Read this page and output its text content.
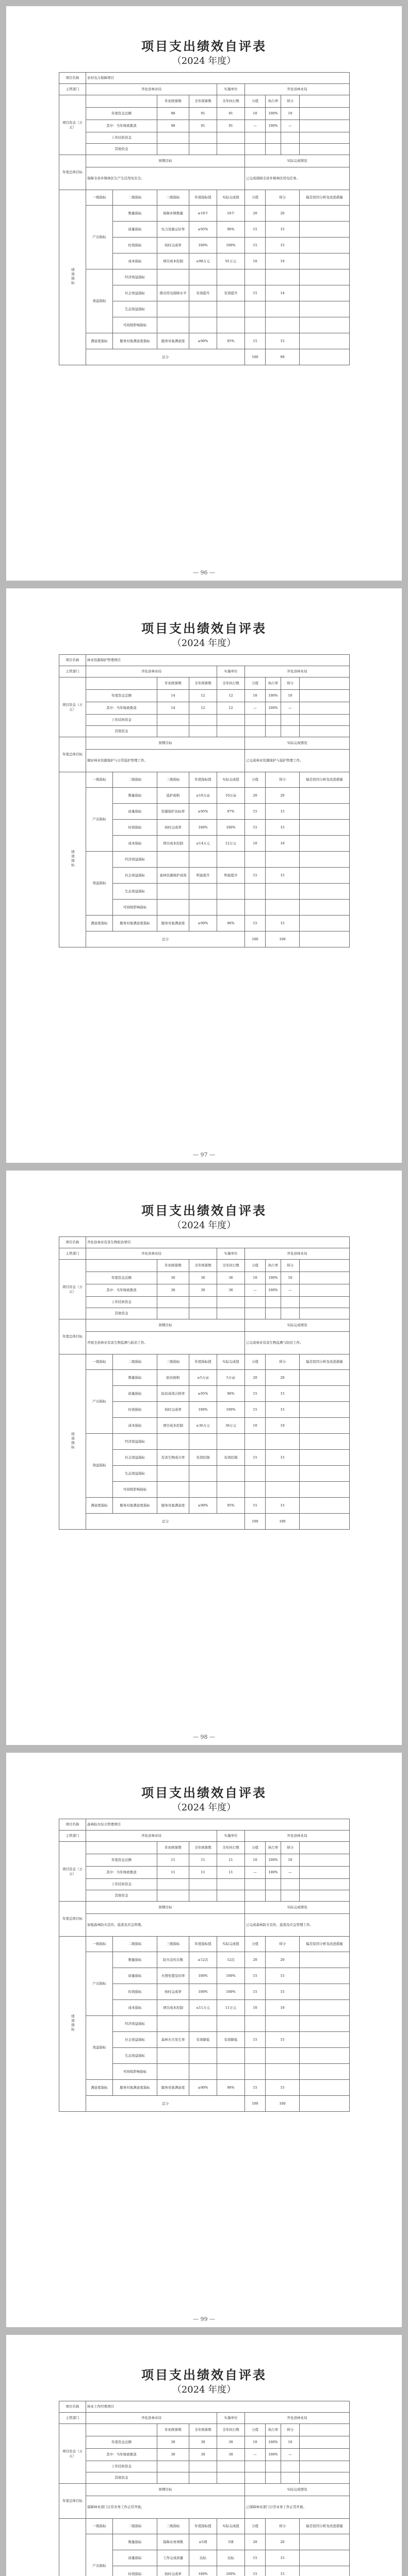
项目支出绩效自评表
（2024 年度）
项目名称	农村电力保障项目								
主管部门	开化县林业局				实施单位	开化县林业局			
项目资金（万元）			年初预算数	全年预算数	全年执行数	分值	执行率	得分	
	年度资金总额		98	91	91	10	100%	10	
	其中：当年财政拨款		98	91	91	—	100%	—	
	上年结转资金								
	其他资金								
年度总体目标	预期目标					实际完成情况			
	保障全县乡镇林区生产生活用电安全。					已完成保障全县乡镇林区用电任务。			
绩效指标	一级指标	二级指标	三级指标	年度指标值	实际完成值	分值	得分		偏差原因分析及改进措施
	产出指标	数量指标	保障乡镇数量	≥18个	18个	20	20		
		质量指标	电力设施完好率	≥95%	96%	15	15		
		时效指标	按时完成率	100%	100%	15	15		
		成本指标	项目成本控制	≤98万元	91万元	10	10		
	效益指标	经济效益指标							
		社会效益指标	群众用电保障水平	有效提升	有效提升	15	14		
		生态效益指标							
		可持续影响指标							
	满意度指标	服务对象满意度指标	服务对象满意度	≥90%	95%	15	15		
	总分					100	99		
— 96 —
项目支出绩效自评表
（2024 年度）
项目名称	林业资源保护管理项目								
主管部门	开化县林业局				实施单位	开化县林业局			
项目资金（万元）			年初预算数	全年预算数	全年执行数	分值	执行率	得分	
	年度资金总额		14	12	12	10	100%	10	
	其中：当年财政拨款		14	12	12	—	100%	—	
	上年结转资金								
	其他资金								
年度总体目标	预期目标					实际完成情况			
	做好林业资源保护与日常巡护管理工作。					已完成林业资源保护与巡护管理工作。			
绩效指标	一级指标	二级指标	三级指标	年度指标值	实际完成值	分值	得分		偏差原因分析及改进措施
	产出指标	数量指标	巡护面积	≥10万亩	10万亩	20	20		
		质量指标	资源保护达标率	≥95%	97%	15	15		
		时效指标	按时完成率	100%	100%	15	15		
		成本指标	项目成本控制	≤14万元	12万元	10	10		
	效益指标	经济效益指标							
		社会效益指标	森林资源保护成效	明显提升	明显提升	15	15		
		生态效益指标							
		可持续影响指标							
	满意度指标	服务对象满意度指标	服务对象满意度	≥90%	96%	15	15		
	总分					100	100		
— 97 —
项目支出绩效自评表
（2024 年度）
项目名称	开化县林业有害生物防治项目								
主管部门	开化县林业局				实施单位	开化县林业局			
项目资金（万元）			年初预算数	全年预算数	全年执行数	分值	执行率	得分	
	年度资金总额		36	36	36	10	100%	10	
	其中：当年财政拨款		36	36	36	—	100%	—	
	上年结转资金								
	其他资金								
年度总体目标	预期目标					实际完成情况			
	开展全县林业有害生物监测与防治工作。					已完成林业有害生物监测与防治工作。			
绩效指标	一级指标	二级指标	三级指标	年度指标值	实际完成值	分值	得分		偏差原因分析及改进措施
	产出指标	数量指标	防治面积	≥5万亩	5万亩	20	20		
		质量指标	防治成效合格率	≥95%	96%	15	15		
		时效指标	按时完成率	100%	100%	15	15		
		成本指标	项目成本控制	≤36万元	36万元	10	10		
	效益指标	经济效益指标							
		社会效益指标	有害生物成灾率	有效控制	有效控制	15	15		
		生态效益指标							
		可持续影响指标							
	满意度指标	服务对象满意度指标	服务对象满意度	≥90%	95%	15	15		
	总分					100	100		
— 98 —
项目支出绩效自评表
（2024 年度）
项目名称	森林防火综合管理项目								
主管部门	开化县林业局				实施单位	开化县林业局			
项目资金（万元）			年初预算数	全年预算数	全年执行数	分值	执行率	得分	
	年度资金总额		11	11	11	10	100%	10	
	其中：当年财政拨款		11	11	11	—	100%	—	
	上年结转资金								
	其他资金								
年度总体目标	预期目标					实际完成情况			
	加强森林防火宣传、巡查及应急管理。					已完成森林防火宣传、巡查及应急管理工作。			
绩效指标	一级指标	二级指标	三级指标	年度指标值	实际完成值	分值	得分		偏差原因分析及改进措施
	产出指标	数量指标	防火宣传次数	≥12次	12次	20	20		
		质量指标	火情处置及时率	100%	100%	15	15		
		时效指标	按时完成率	100%	100%	15	15		
		成本指标	项目成本控制	≤11万元	11万元	10	10		
	效益指标	经济效益指标							
		社会效益指标	森林火灾发生率	有效降低	有效降低	15	15		
		生态效益指标							
		可持续影响指标							
	满意度指标	服务对象满意度指标	服务对象满意度	≥90%	96%	15	15		
	总分					100	100		
— 99 —
项目支出绩效自评表
（2024 年度）
项目名称	林业工作经费项目								
主管部门	开化县林业局				实施单位	开化县林业局			
项目资金（万元）			年初预算数	全年预算数	全年执行数	分值	执行率	得分	
	年度资金总额		30	30	30	10	100%	10	
	其中：当年财政拨款		30	30	30	—	100%	—	
	上年结转资金								
	其他资金								
年度总体目标	预期目标					实际完成情况			
	保障林业部门日常业务工作正常开展。					已保障林业部门日常业务工作正常开展。			
	一级指标	二级指标	三级指标	年度指标值	实际完成值	分值	得分		偏差原因分析及改进措施
	产出指标	数量指标	保障业务项数	≥5项	5项	20	20		
		质量指标	工作完成质量	达标	达标	15	15		
		时效指标	按时完成率	100%	100%	15	15		
